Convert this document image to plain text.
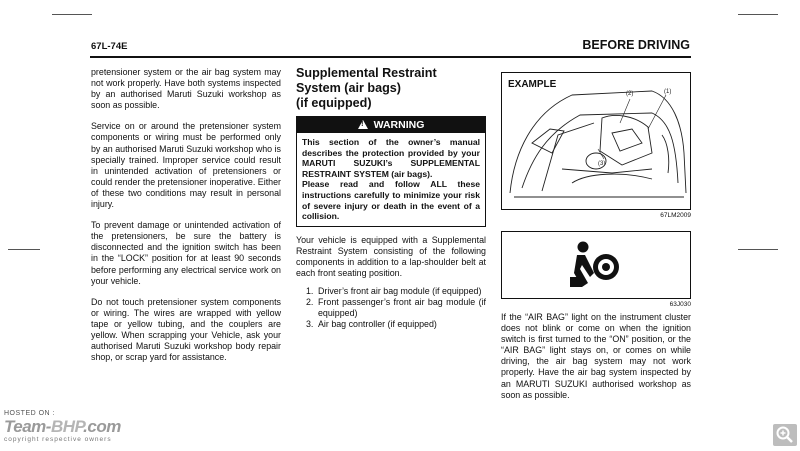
67L-74E	BEFORE DRIVING

pretensioner system or the air bag system may not work properly. Have both systems inspected by an authorised Maruti Suzuki workshop as soon as possible.

Service on or around the pretensioner system components or wiring must be performed only by an authorised Maruti Suzuki workshop who is specially trained. Improper service could result in unintended activation of pretensioners or could render the pretensioner inoperative. Either of these two conditions may result in personal injury.

To prevent damage or unintended activation of the pretensioners, be sure the battery is disconnected and the ignition switch has been in the “LOCK” position for at least 90 seconds before performing any electrical service work on your vehicle.

Do not touch pretensioner system components or wiring. The wires are wrapped with yellow tape or yellow tubing, and the couplers are yellow. When scrapping your Vehicle, ask your authorised Maruti Suzuki workshop body repair shop, or scrap yard for assistance.

Supplemental Restraint
System (air bags)
(if equipped)
! WARNING

This section of the owner’s manual describes the protection provided by your MARUTI SUZUKI’s SUPPLEMENTAL RESTRAINT SYSTEM (air bags).

Please read and follow ALL these instructions carefully to minimize your risk of severe injury or death in the event of a collision.

Your vehicle is equipped with a Supplemental Restraint System consisting of the following components in addition to a lap-shoulder belt at each front seating position.

1. Driver’s front air bag module (if equipped)
2. Front passenger’s front air bag module (if equipped)
3. Air bag controller (if equipped)
EXAMPLE
(2)	(1)
(3)
67LM2009
63J030
If the “AIR BAG” light on the instrument cluster does not blink or come on when the ignition switch is first turned to the “ON” position, or the “AIR BAG” light stays on, or comes on while driving, the air bag system may not work properly. Have the air bag system inspected by an MARUTI SUZUKI authorised workshop as soon as possible.
HOSTED ON :
Team-BHP.com
copyright respective owners
